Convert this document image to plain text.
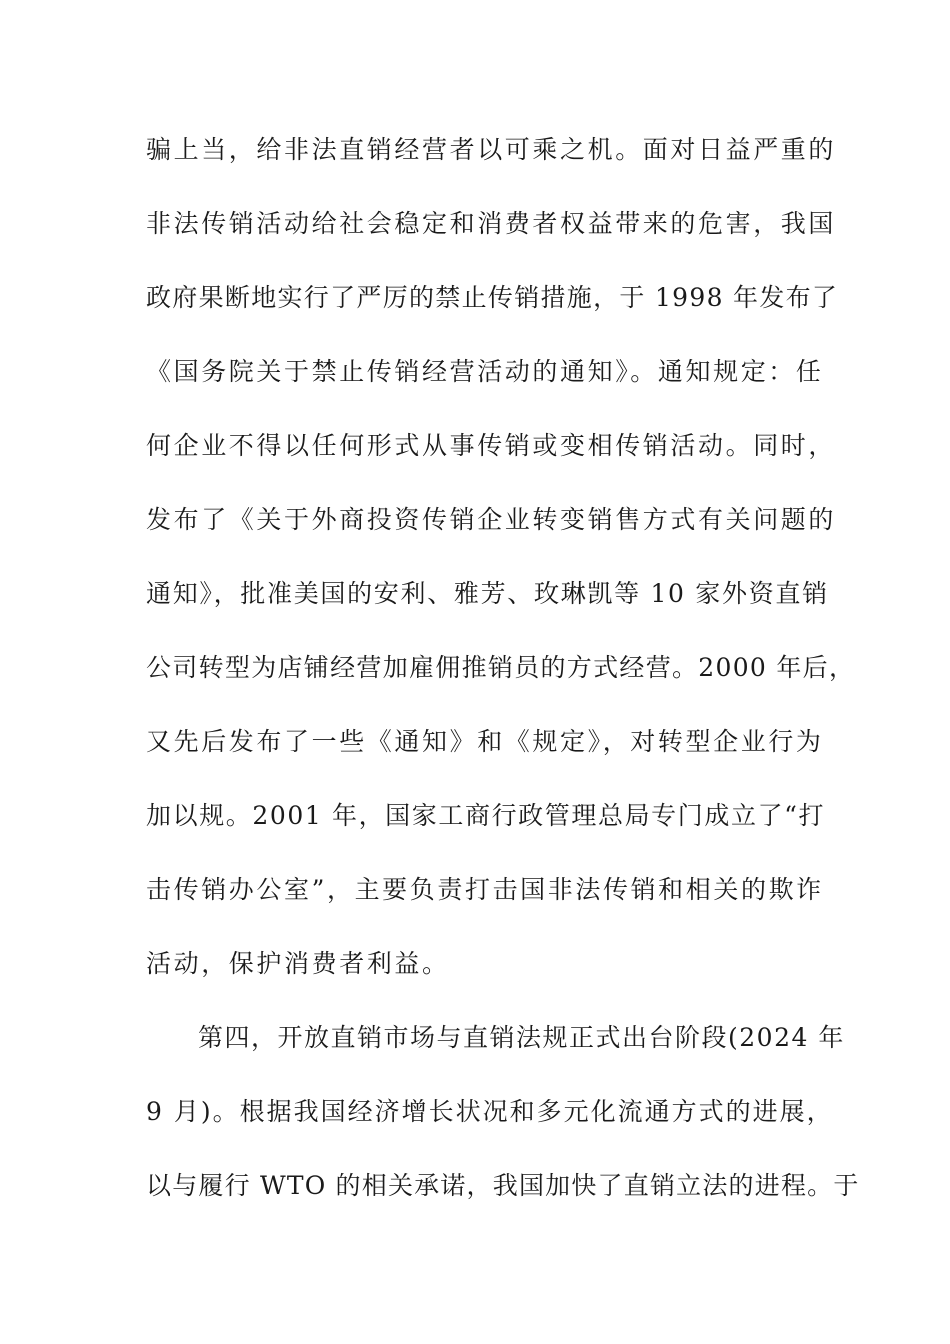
骗上当，给非法直销经营者以可乘之机。面对日益严重的
非法传销活动给社会稳定和消费者权益带来的危害，我国
政府果断地实行了严厉的禁止传销措施，于 1998 年发布了
《国务院关于禁止传销经营活动的通知》。通知规定：任
何企业不得以任何形式从事传销或变相传销活动。同时，
发布了《关于外商投资传销企业转变销售方式有关问题的
通知》，批准美国的安利、雅芳、玫琳凯等 10 家外资直销
公司转型为店铺经营加雇佣推销员的方式经营。2000 年后，
又先后发布了一些《通知》和《规定》，对转型企业行为
加以规。2001 年，国家工商行政管理总局专门成立了“打
击传销办公室”，主要负责打击国非法传销和相关的欺诈
活动，保护消费者利益。
第四，开放直销市场与直销法规正式出台阶段(2024 年
9 月)。根据我国经济增长状况和多元化流通方式的进展，
以与履行 WTO 的相关承诺，我国加快了直销立法的进程。于
